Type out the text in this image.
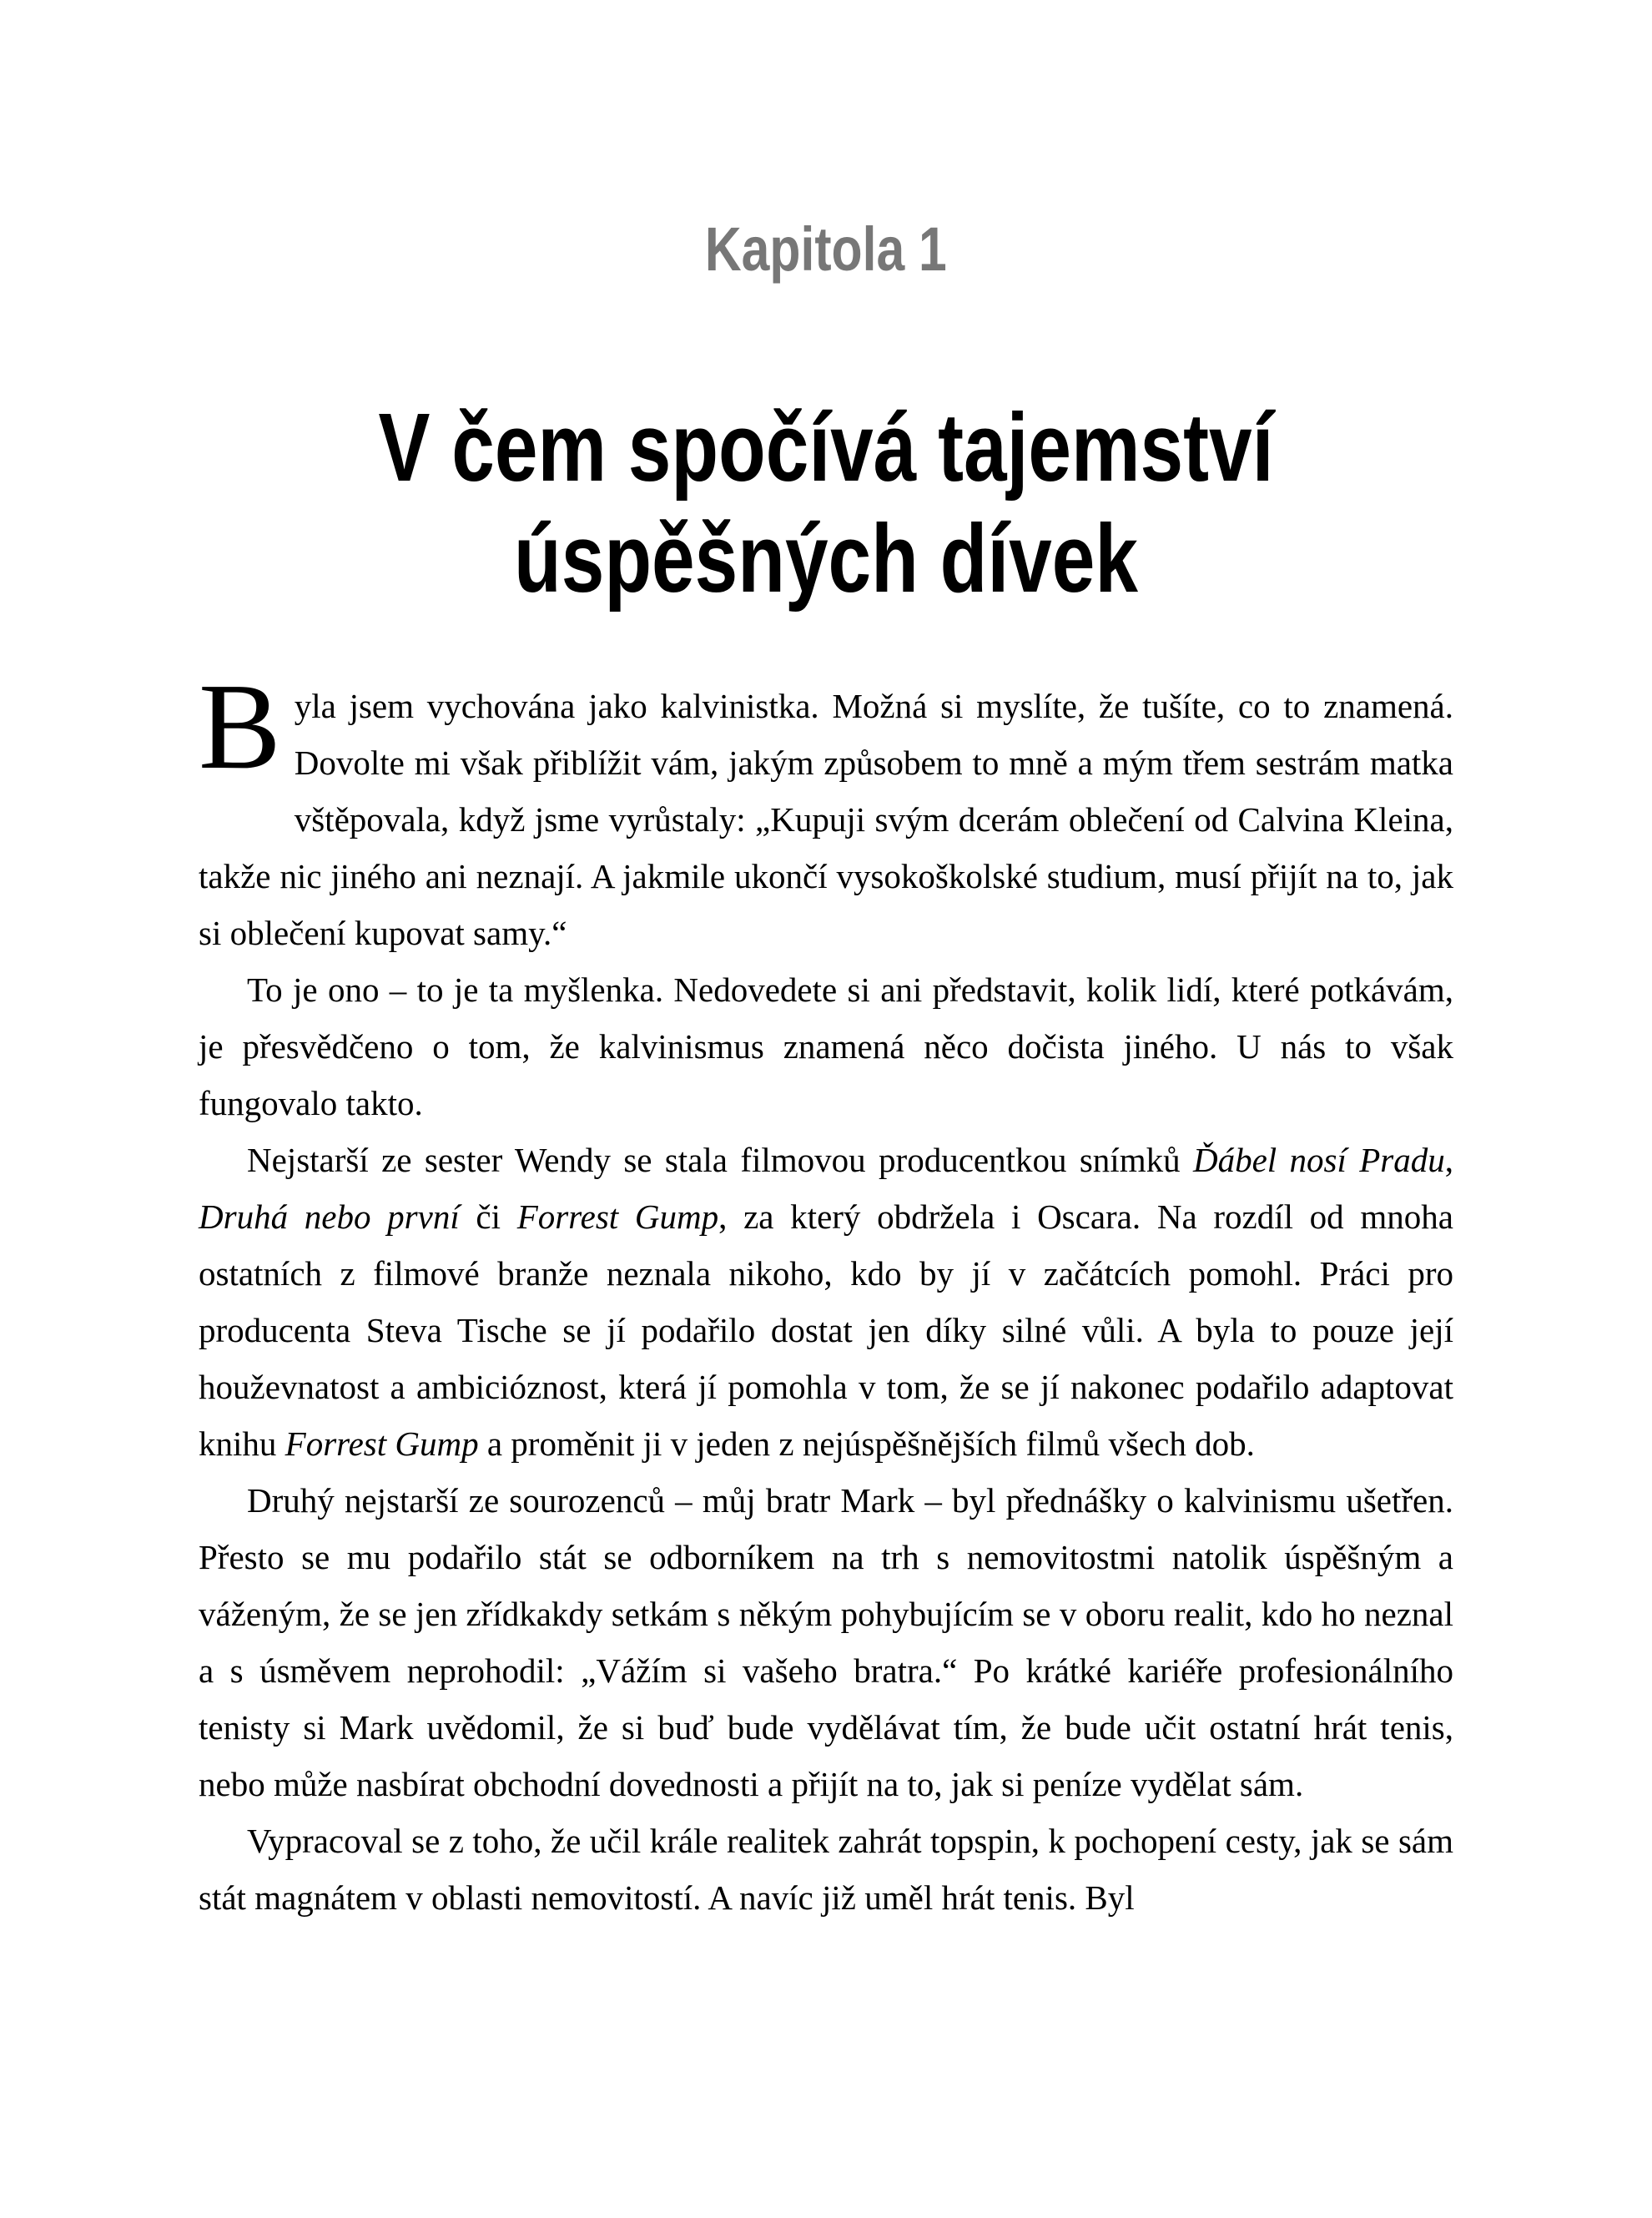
Kapitola 1
V čem spočívá tajemství
úspěšných dívek

Byla jsem vychována jako kalvinistka. Možná si myslíte, že tušíte, co to znamená. Dovolte mi však přiblížit vám, jakým způsobem to mně a mým třem sestrám matka vštěpovala, když jsme vyrůstaly: „Kupuji svým dcerám oblečení od Calvina Kleina, takže nic jiného ani neznají. A jakmile ukončí vysokoškolské studium, musí přijít na to, jak si oblečení kupovat samy.“

To je ono – to je ta myšlenka. Nedovedete si ani představit, kolik lidí, které potkávám, je přesvědčeno o tom, že kalvinismus znamená něco dočista jiného. U nás to však fungovalo takto.

Nejstarší ze sester Wendy se stala filmovou producentkou snímků Ďábel nosí Pradu, Druhá nebo první či Forrest Gump, za který obdržela i Oscara. Na rozdíl od mnoha ostatních z filmové branže neznala nikoho, kdo by jí v začátcích pomohl. Práci pro producenta Steva Tische se jí podařilo dostat jen díky silné vůli. A byla to pouze její houževnatost a ambicióznost, která jí pomohla v tom, že se jí nakonec podařilo adaptovat knihu Forrest Gump a proměnit ji v jeden z nejúspěšnějších filmů všech dob.

Druhý nejstarší ze sourozenců – můj bratr Mark – byl přednášky o kalvinismu ušetřen. Přesto se mu podařilo stát se odborníkem na trh s nemovitostmi natolik úspěšným a váženým, že se jen zřídkakdy setkám s někým pohybujícím se v oboru realit, kdo ho neznal a s úsměvem neprohodil: „Vážím si vašeho bratra.“ Po krátké kariéře profesionálního tenisty si Mark uvědomil, že si buď bude vydělávat tím, že bude učit ostatní hrát tenis, nebo může nasbírat obchodní dovednosti a přijít na to, jak si peníze vydělat sám.

Vypracoval se z toho, že učil krále realitek zahrát topspin, k pochopení cesty, jak se sám stát magnátem v oblasti nemovitostí. A navíc již uměl hrát tenis. Byl
